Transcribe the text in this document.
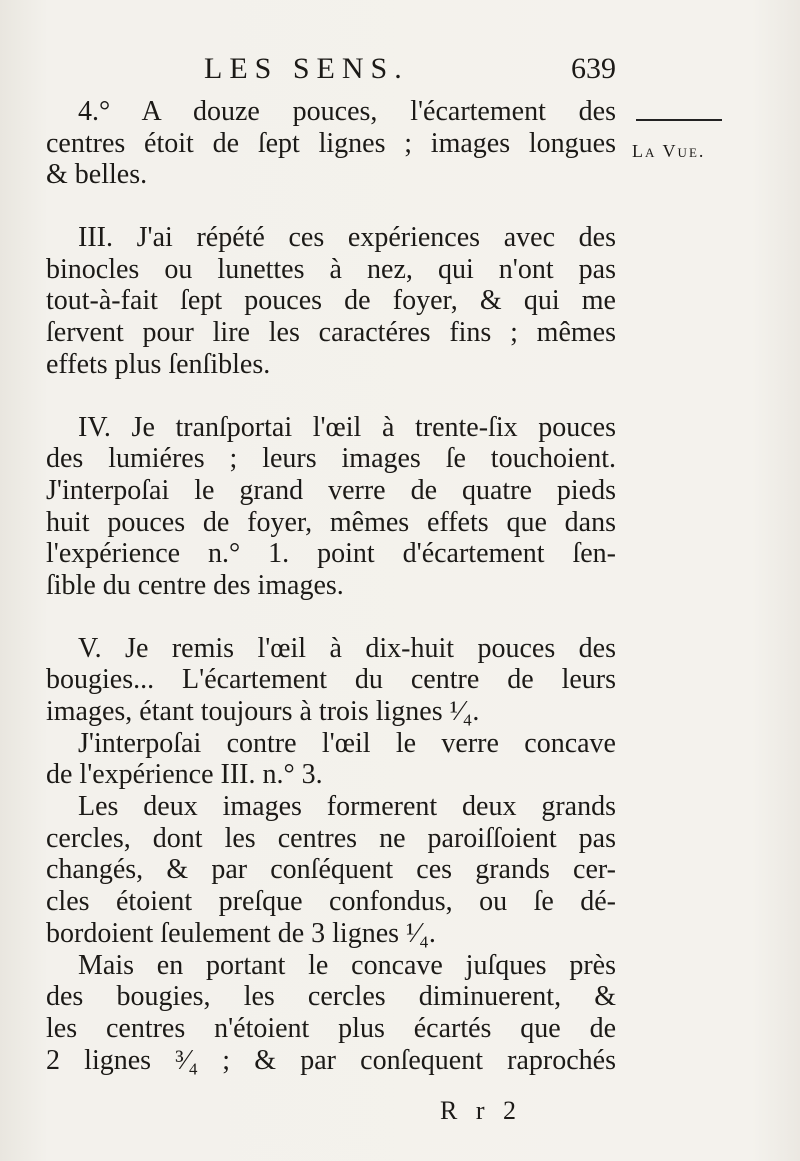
LES SENS.	639
La Vue.
4.° A douze pouces, l'écartement des
centres étoit de ſept lignes ; images longues
& belles.
III. J'ai répété ces expériences avec des
binocles ou lunettes à nez, qui n'ont pas
tout-à-fait ſept pouces de foyer, & qui me
ſervent pour lire les caractéres fins ; mêmes
effets plus ſenſibles.
IV. Je tranſportai l'œil à trente-ſix pouces
des lumiéres ; leurs images ſe touchoient.
J'interpoſai le grand verre de quatre pieds
huit pouces de foyer, mêmes effets que dans
l'expérience n.° 1. point d'écartement ſen-
ſible du centre des images.
V. Je remis l'œil à dix-huit pouces des
bougies... L'écartement du centre de leurs
images, étant toujours à trois lignes ¹⁄₄.
J'interpoſai contre l'œil le verre concave
de l'expérience III. n.° 3.
Les deux images formerent deux grands
cercles, dont les centres ne paroiſſoient pas
changés, & par conſéquent ces grands cer-
cles étoient preſque confondus, ou ſe dé-
bordoient ſeulement de 3 lignes ¹⁄₄.
Mais en portant le concave juſques près
des bougies, les cercles diminuerent, &
les centres n'étoient plus écartés que de
2 lignes ³⁄₄ ; & par conſequent raprochés
R r 2
